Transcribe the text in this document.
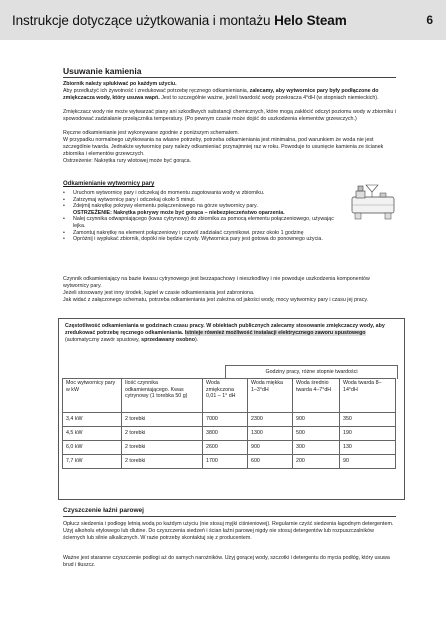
Instrukcje dotyczące użytkowania i montażu Helo Steam	6
Usuwanie kamienia

Zbiornik należy spłukiwać po każdym użyciu.

Aby przedłużyć ich żywotność i zredukować potrzebę ręcznego odkamieniania, zalecamy, aby wytwornice pary były podłączone do zmiękczacza wody, który usuwa wapń. Jest to szczególnie ważne, jeżeli twardość wody przekracza 4°dH (w stopniach niemieckich).

Zmiękczacz wody nie może wytwarzać piany ani szkodliwych substancji chemicznych, które mogą zakłócić odczyt poziomu wody w zbiorniku i spowodować zadziałanie przełącznika temperatury. (Po pewnym czasie może dojść do uszkodzenia elementów grzewczych.)

Ręczne odkamienianie jest wykonywane zgodnie z poniższym schematem.

W przypadku normalnego użytkowania na własne potrzeby, potrzeba odkamieniania jest minimalna, pod warunkiem że woda nie jest szczególnie twarda. Jednakże wytwornicę pary należy odkamieniać przynajmniej raz w roku. Powoduje to usunięcie kamienia ze ścianek zbiornika i elementów grzewczych.

Ostrzeżenie: Nakrętka rury wlotowej może być gorąca.

Odkamienianie wytwornicy pary

• Uruchom wytwornicę pary i odczekaj do momentu zagotowania wody w zbiorniku.
• Zatrzymaj wytwornicę pary i odczekaj około 5 minut.
• Zdejmij nakrętkę pokrywy elementu połączeniowego na górze wytwornicy pary.
OSTRZEŻENIE: Nakrętka pokrywy może być gorąca – niebezpieczeństwo oparzenia.
• Nalej czynnika odwapniającego (kwas cytrynowy) do zbiornika za pomocą elementu połączeniowego, używając lejka.
• Zamontuj nakrętkę na element połączeniowy i pozwól zadziałać czynnikowi. przez około 1 godzinę
• Opróżnij i wypłukać zbiornik, dopóki nie będzie czysty. Wytwornica pary jest gotowa do ponownego użycia.

Czynnik odkamieniający na bazie kwasu cytrynowego jest bezzapachowy i nieszkodliwy i nie powoduje uszkodzenia komponentów wytwornicy pary.

Jeżeli stosowany jest inny środek, kąpiel w czasie odkamieniania jest zabroniona.

Jak widać z załączonego schematu, potrzeba odkamieniania jest zależna od jakości wody, mocy wytwornicy pary i czasu jej pracy.

Częstotliwość odkamieniania w godzinach czasu pracy. W obiektach publicznych zalecamy stosowanie zmiękczaczy wody, aby zredukować potrzebę ręcznego odkamieniania. Istnieje również możliwość instalacji elektrycznego zaworu spustowego (automatyczny zawór spustowy, sprzedawany osobno).

Godziny pracy, różne stopnie twardości
Moc wytwornicy pary w kW	Ilość czynnika odkamieniającego. Kwas cytrynowy (1 torebka 50 g)	Woda zmiękczona 0,01 – 1° dH	Woda miękka 1–3°dH	Woda średnio twarda 4–7°dH	Woda twarda 8–14°dH
3,4 kW	2 torebki	7000	2300	900	350
4,5 kW	2 torebki	3800	1300	500	190
6,0 kW	2 torebki	2600	900	300	130
7,7 kW	2 torebki	1700	600	200	90

Czyszczenie łaźni parowej

Opłucz siedzenia i podłogę letnią wodą po każdym użyciu (nie stosuj myjki ciśnieniowej). Regularnie czyść siedzenia łagodnym detergentem. Użyj alkoholu etylowego lub dlutine. Do czyszczenia siedzeń i ścian łaźni parowej nigdy nie stosuj detergentów lub rozpuszczalników ściernych lub silnie alkalicznych. W razie potrzeby skontaktuj się z producentem.

Ważne jest staranne czyszczenie podłogi aż do samych narożników. Użyj gorącej wody, szczotki i detergentu do mycia podłóg, który usuwa brud i tłuszcz.
